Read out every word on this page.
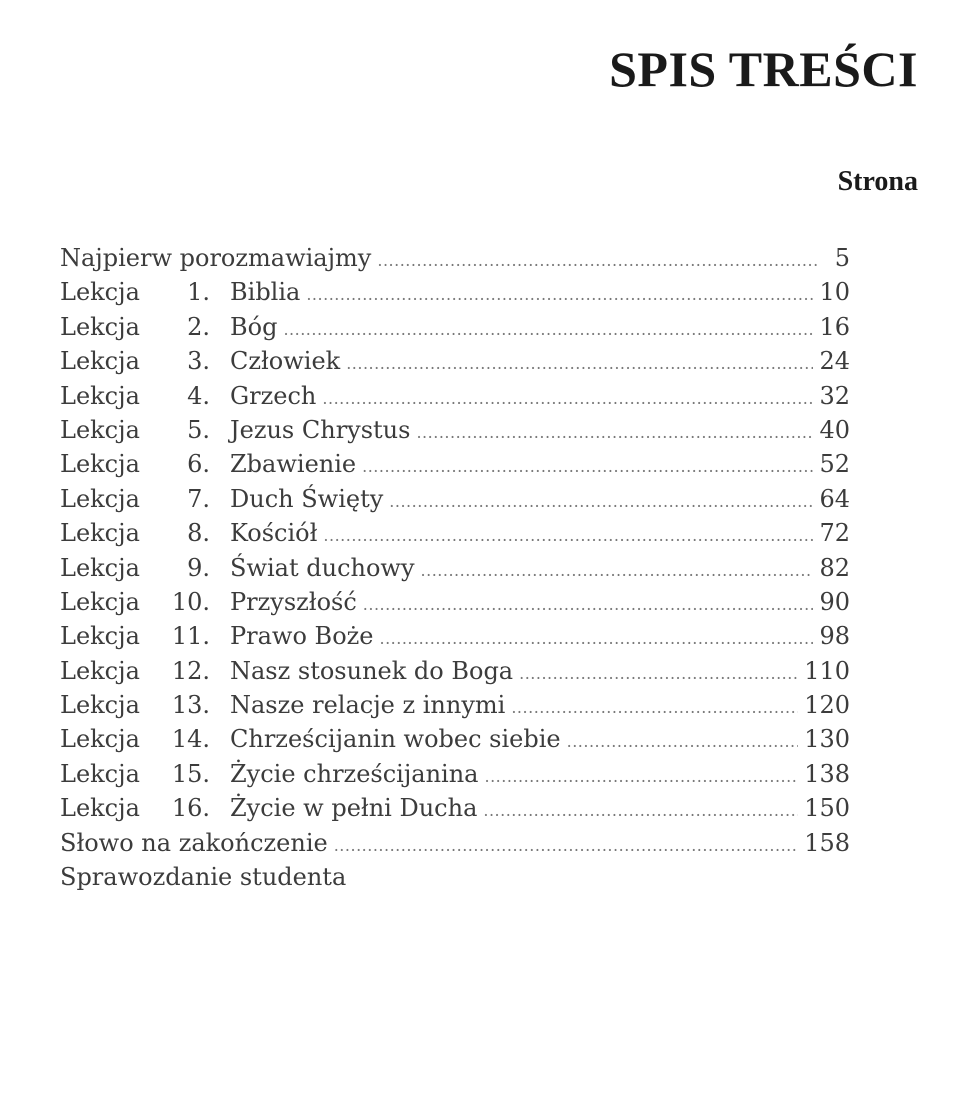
SPIS TREŚCI
Strona
Najpierw porozmawiajmy .....	5
Lekcja 1. Biblia .....	10
Lekcja 2. Bóg .....	16
Lekcja 3. Człowiek .....	24
Lekcja 4. Grzech .....	32
Lekcja 5. Jezus Chrystus .....	40
Lekcja 6. Zbawienie .....	52
Lekcja 7. Duch Święty .....	64
Lekcja 8. Kościół .....	72
Lekcja 9. Świat duchowy .....	82
Lekcja 10. Przyszłość .....	90
Lekcja 11. Prawo Boże .....	98
Lekcja 12. Nasz stosunek do Boga .....	110
Lekcja 13. Nasze relacje z innymi .....	120
Lekcja 14. Chrześcijanin wobec siebie .....	130
Lekcja 15. Życie chrześcijanina .....	138
Lekcja 16. Życie w pełni Ducha .....	150
Słowo na zakończenie .....	158
Sprawozdanie studenta
